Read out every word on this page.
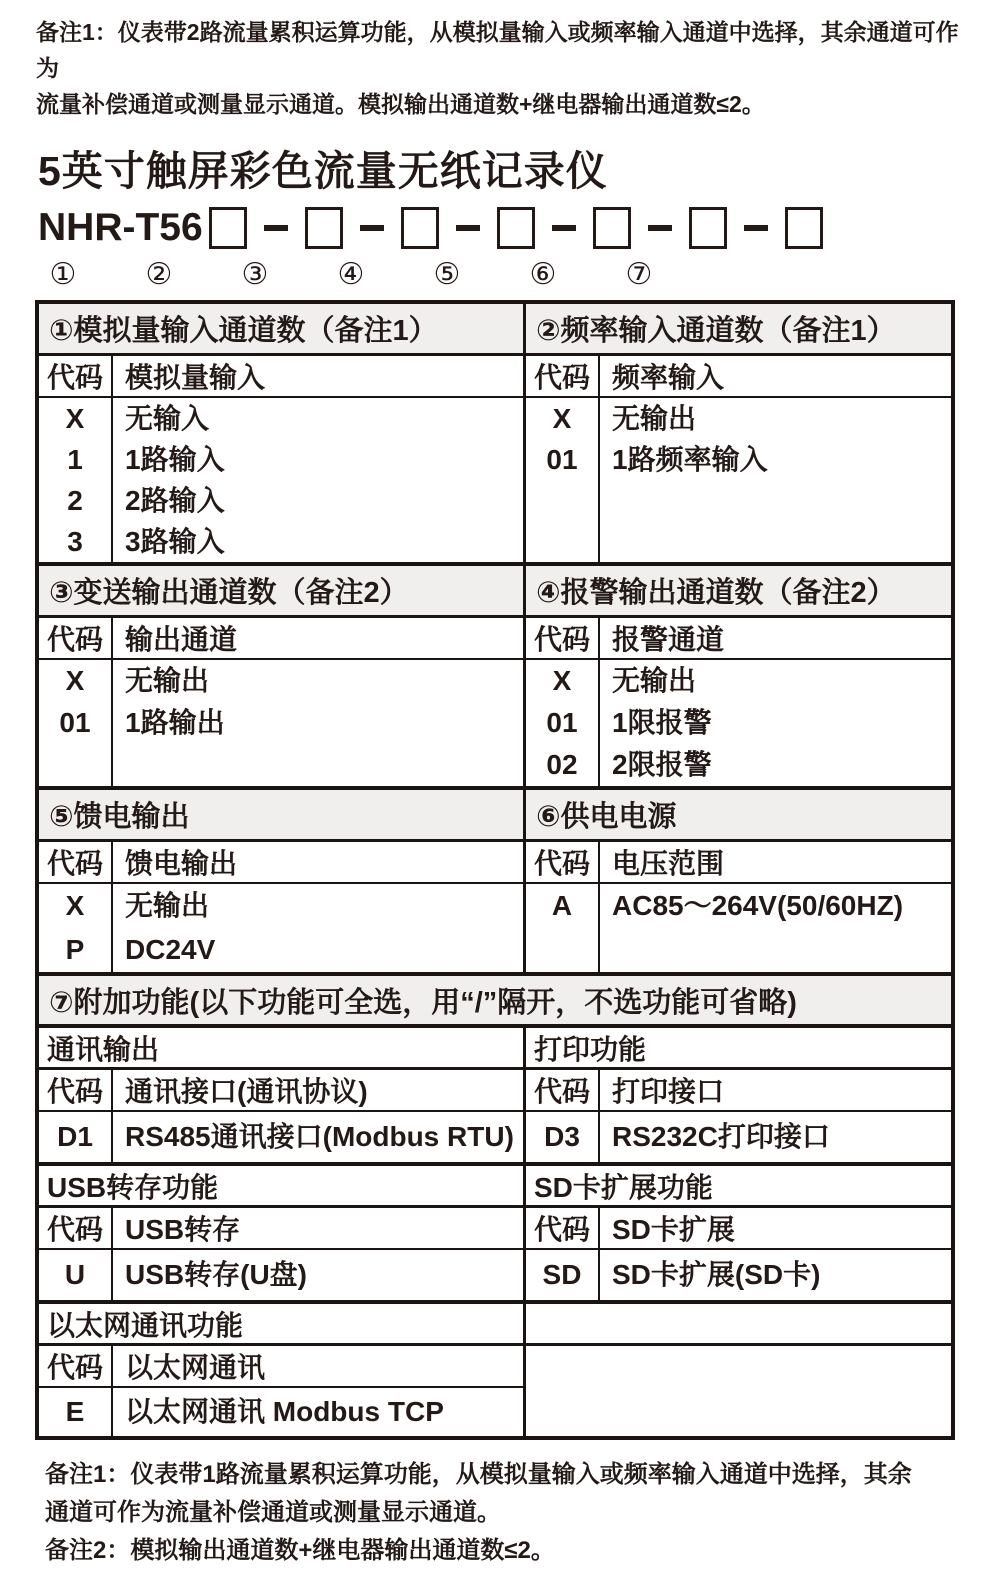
备注1：仪表带2路流量累积运算功能，从模拟量输入或频率输入通道中选择，其余通道可作为
流量补偿通道或测量显示通道。模拟输出通道数+继电器输出通道数≤2。
5英寸触屏彩色流量无纸记录仪
NHR-T56
① ② ③ ④ ⑤ ⑥ ⑦
①模拟量输入通道数（备注1）
代码 模拟量输入
X
1
2
3
无输入
1路输入
2路输入
3路输入
②频率输入通道数（备注1）
代码 频率输入
X
01
无输出
1路频率输入
③变送输出通道数（备注2）
代码 输出通道
X
01
无输出
1路输出
④报警输出通道数（备注2）
代码 报警通道
X
01
02
无输出
1限报警
2限报警
⑤馈电输出
代码 馈电输出
X
P
无输出
DC24V
⑥供电电源
代码 电压范围
A AC85～264V(50/60HZ)
⑦附加功能(以下功能可全选，用“/”隔开，不选功能可省略)
通讯输出
代码 通讯接口(通讯协议)
D1 RS485通讯接口(Modbus RTU)
打印功能
代码 打印接口
D3 RS232C打印接口
USB转存功能
代码 USB转存
U USB转存(U盘)
SD卡扩展功能
代码 SD卡扩展
SD SD卡扩展(SD卡)
以太网通讯功能
代码 以太网通讯
E 以太网通讯 Modbus TCP
备注1：仪表带1路流量累积运算功能，从模拟量输入或频率输入通道中选择，其余
通道可作为流量补偿通道或测量显示通道。
备注2：模拟输出通道数+继电器输出通道数≤2。
